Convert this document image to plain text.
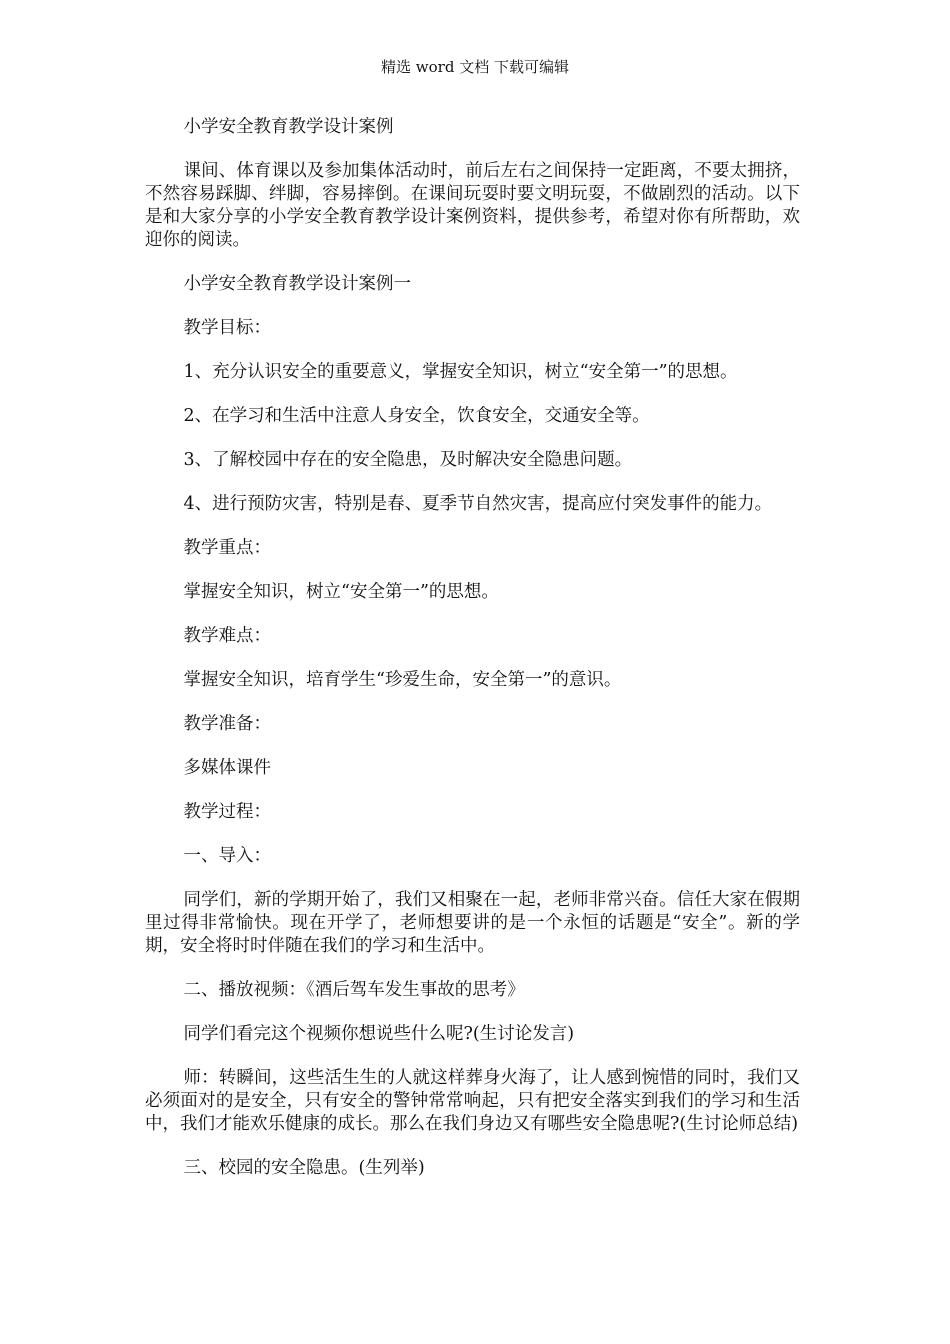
精选 word 文档 下载可编辑

小学安全教育教学设计案例

课间、体育课以及参加集体活动时，前后左右之间保持一定距离，不要太拥挤，不然容易踩脚、绊脚，容易摔倒。在课间玩耍时要文明玩耍，不做剧烈的活动。以下是和大家分享的小学安全教育教学设计案例资料，提供参考，希望对你有所帮助，欢迎你的阅读。

小学安全教育教学设计案例一

教学目标：

1、充分认识安全的重要意义，掌握安全知识，树立“安全第一”的思想。

2、在学习和生活中注意人身安全，饮食安全，交通安全等。

3、了解校园中存在的安全隐患，及时解决安全隐患问题。

4、进行预防灾害，特别是春、夏季节自然灾害，提高应付突发事件的能力。

教学重点：

掌握安全知识，树立“安全第一”的思想。

教学难点：

掌握安全知识，培育学生“珍爱生命，安全第一”的意识。

教学准备：

多媒体课件

教学过程：

一、导入：

同学们，新的学期开始了，我们又相聚在一起，老师非常兴奋。信任大家在假期里过得非常愉快。现在开学了，老师想要讲的是一个永恒的话题是“安全”。新的学期，安全将时时伴随在我们的学习和生活中。

二、播放视频：《酒后驾车发生事故的思考》

同学们看完这个视频你想说些什么呢?(生讨论发言)

师：转瞬间，这些活生生的人就这样葬身火海了，让人感到惋惜的同时，我们又必须面对的是安全，只有安全的警钟常常响起，只有把安全落实到我们的学习和生活中，我们才能欢乐健康的成长。那么在我们身边又有哪些安全隐患呢?(生讨论师总结)

三、校园的安全隐患。(生列举)
